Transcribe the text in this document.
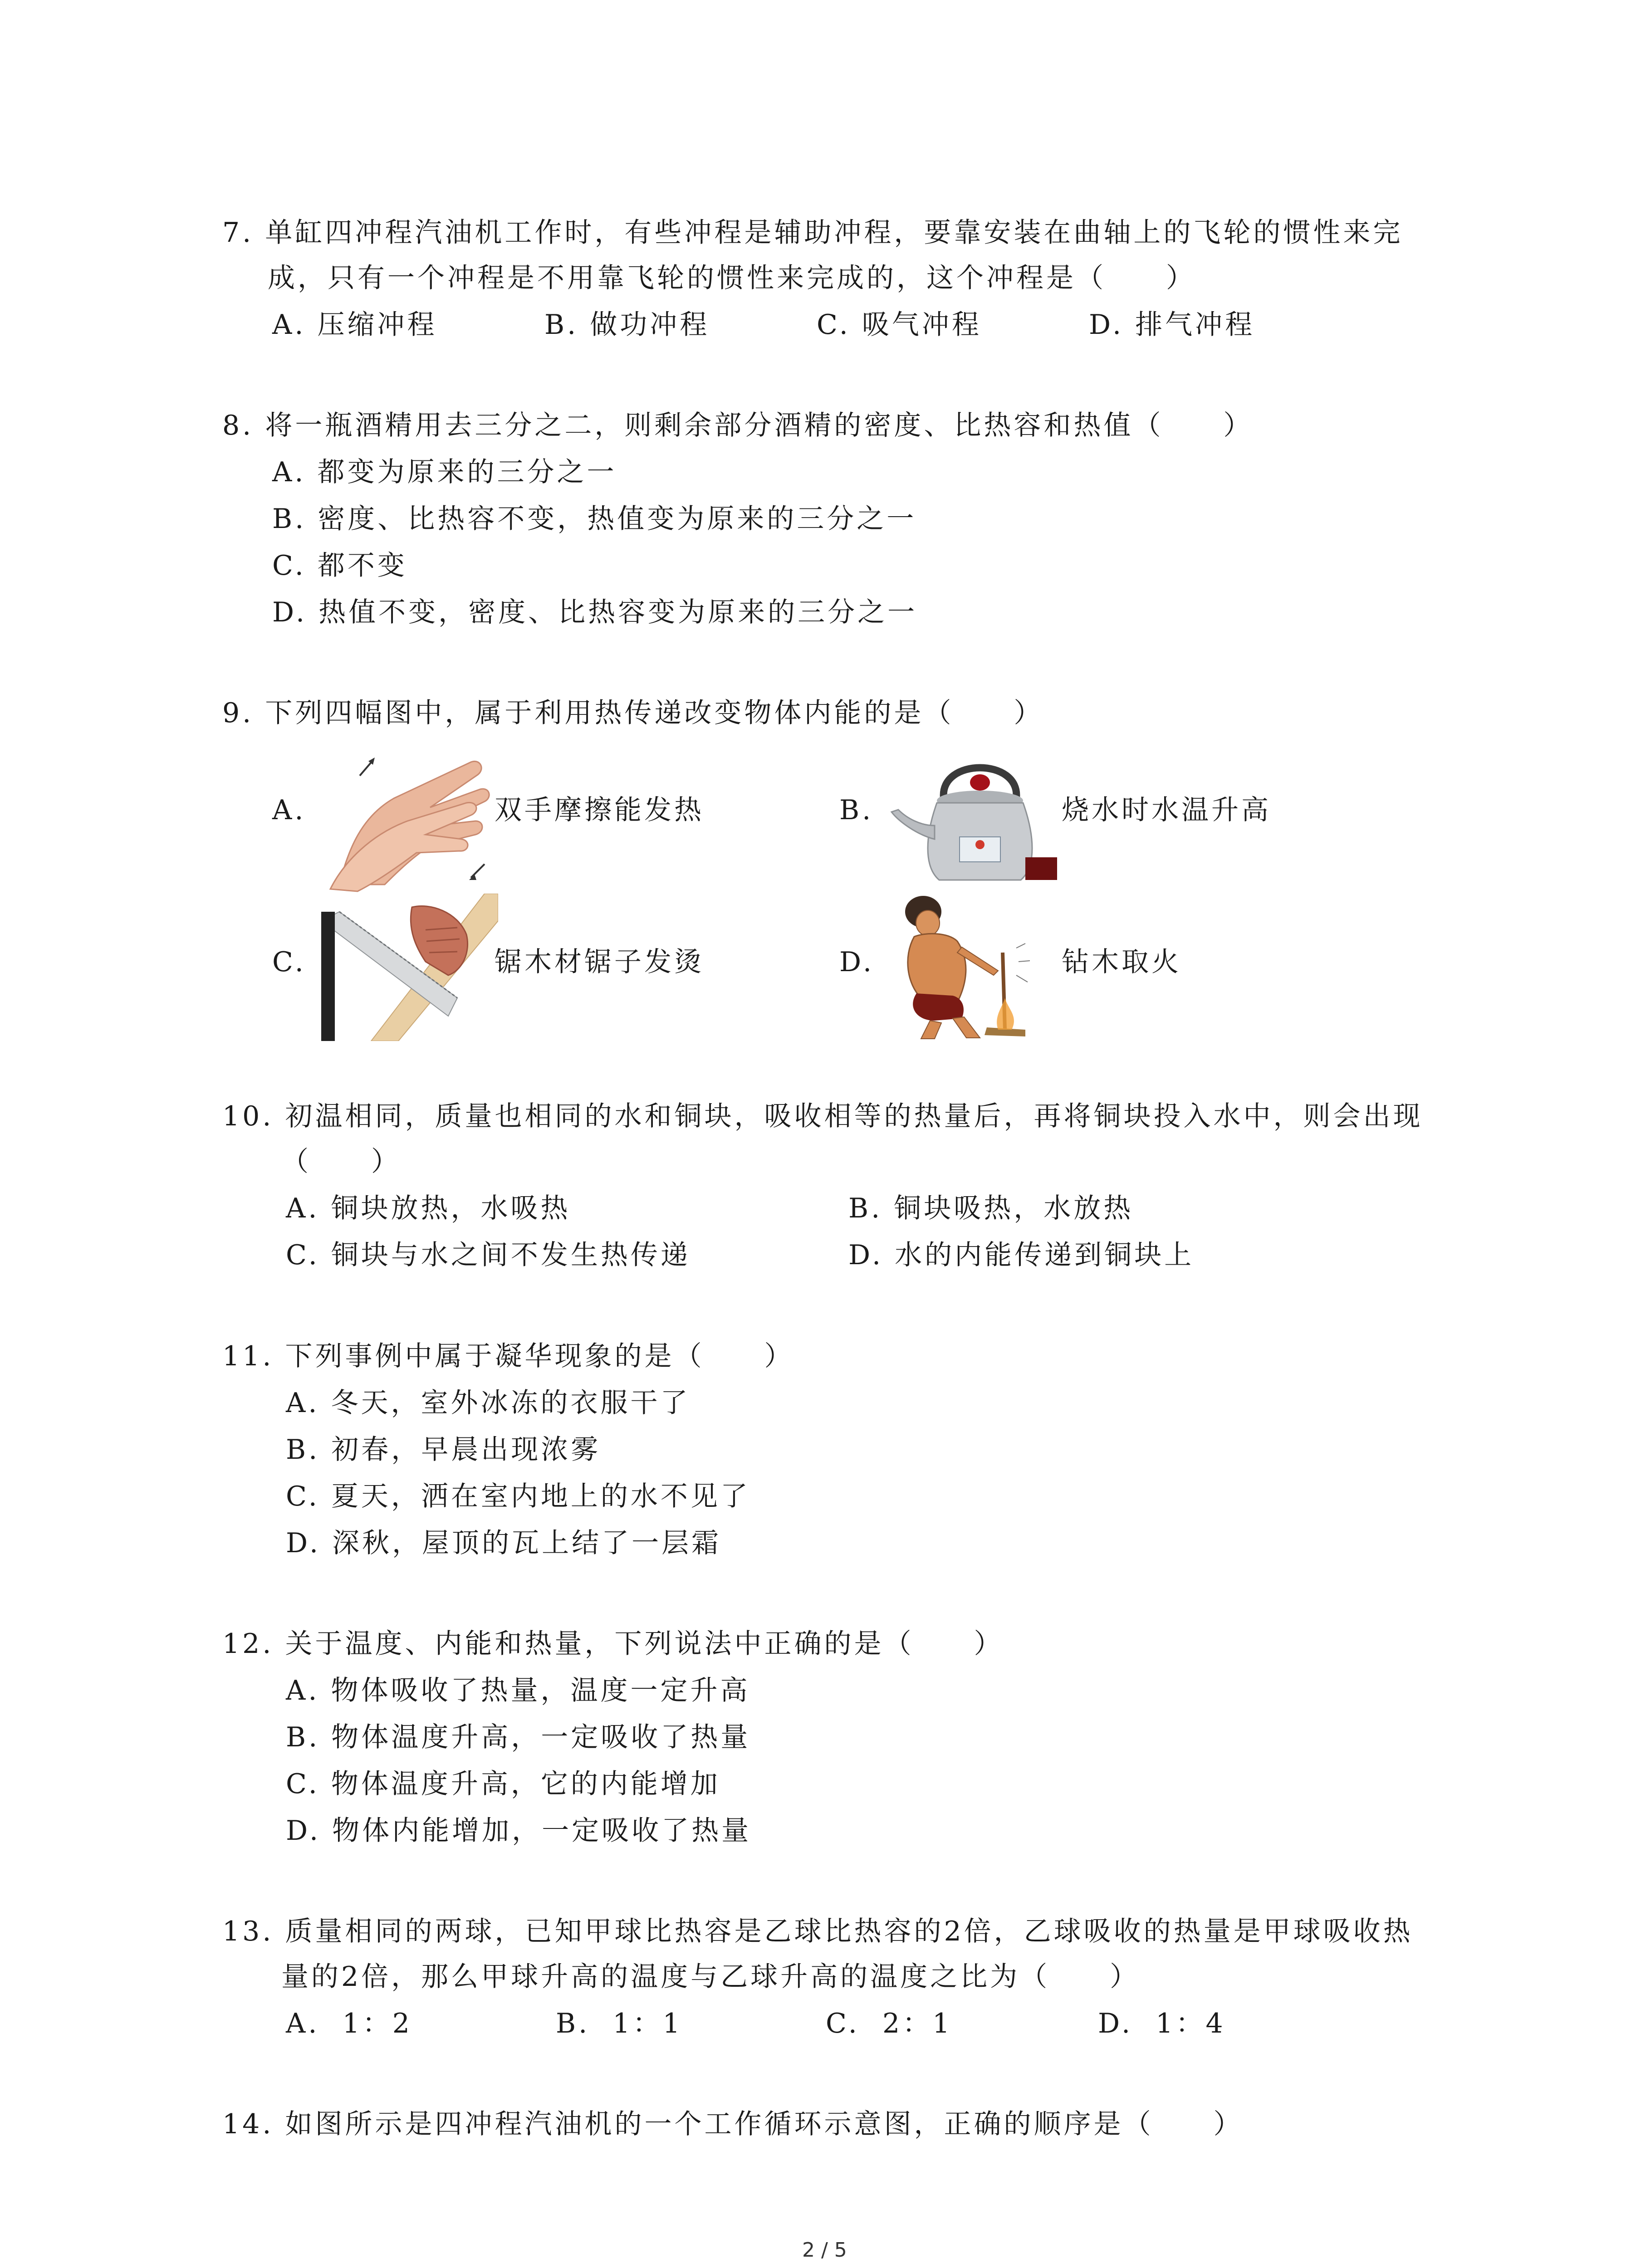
7. 单缸四冲程汽油机工作时，有些冲程是辅助冲程，要靠安装在曲轴上的飞轮的惯性来完
成，只有一个冲程是不用靠飞轮的惯性来完成的，这个冲程是（　　）
A. 压缩冲程	B. 做功冲程	C. 吸气冲程	D. 排气冲程
8. 将一瓶酒精用去三分之二，则剩余部分酒精的密度、比热容和热值（　　）
A. 都变为原来的三分之一
B. 密度、比热容不变，热值变为原来的三分之一
C. 都不变
D. 热值不变，密度、比热容变为原来的三分之一
9. 下列四幅图中，属于利用热传递改变物体内能的是（　　）
A.	双手摩擦能发热	B.	烧水时水温升高
C.	锯木材锯子发烫	D.	钻木取火
10. 初温相同，质量也相同的水和铜块，吸收相等的热量后，再将铜块投入水中，则会出现
（　　）
A. 铜块放热，水吸热	B. 铜块吸热，水放热
C. 铜块与水之间不发生热传递	D. 水的内能传递到铜块上
11. 下列事例中属于凝华现象的是（　　）
A. 冬天，室外冰冻的衣服干了
B. 初春，早晨出现浓雾
C. 夏天，洒在室内地上的水不见了
D. 深秋，屋顶的瓦上结了一层霜
12. 关于温度、内能和热量，下列说法中正确的是（　　）
A. 物体吸收了热量，温度一定升高
B. 物体温度升高，一定吸收了热量
C. 物体温度升高，它的内能增加
D. 物体内能增加，一定吸收了热量
13. 质量相同的两球，已知甲球比热容是乙球比热容的2倍，乙球吸收的热量是甲球吸收热
量的2倍，那么甲球升高的温度与乙球升高的温度之比为（　　）
A. 1：2	B. 1：1	C. 2：1	D. 1：4
14. 如图所示是四冲程汽油机的一个工作循环示意图，正确的顺序是（　　）
2 / 5
